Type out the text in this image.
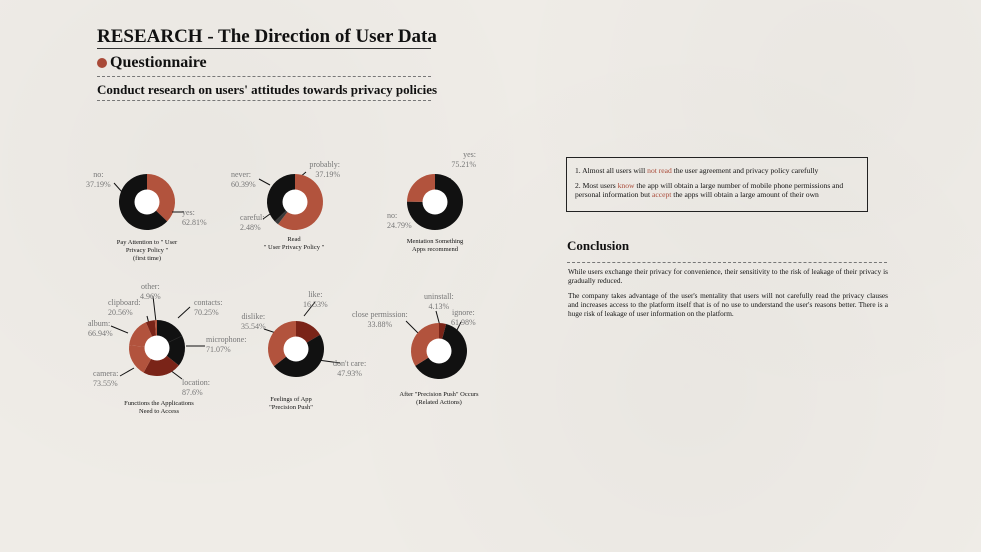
RESEARCH - The Direction of User Data
Questionnaire
Conduct research on users' attitudes towards privacy policies
no:
37.19%
yes:
62.81%
Pay Attention to " User
Privacy Policy "
(first time)
never:
60.39%
careful:
2.48%
probably:
37.19%
Read
" User Privacy Policy "
yes:
75.21%
no:
24.79%
Mentation Something
Apps recommend
other:
4.96%
clipboard:
20.56%
contacts:
70.25%
album:
66.94%
microphone:
71.07%
camera:
73.55%	location:
87.6%
Functions the Applications
Need to Access
like:
16.53%
dislike:
35.54%
don't care:
47.93%
Feelings of App
"Precision Push"
uninstall:
4.13%
ignore:
61.98%
close permission:
33.88%
After "Precision Push" Occurs
(Related Actions)

1. Almost all users will not read the user agreement and privacy policy carefully

2. Most users know the app will obtain a large number of mobile phone permissions and personal information but accept the apps will obtain a large amount of their own

Conclusion

While users exchange their privacy for convenience, their sensitivity to the risk of leakage of their privacy is gradually reduced.

The company takes advantage of the user's mentality that users will not carefully read the privacy clauses and increases access to the platform itself that is of no use to understand the user's reasons better. There is a huge risk of leakage of user information on the platform.
